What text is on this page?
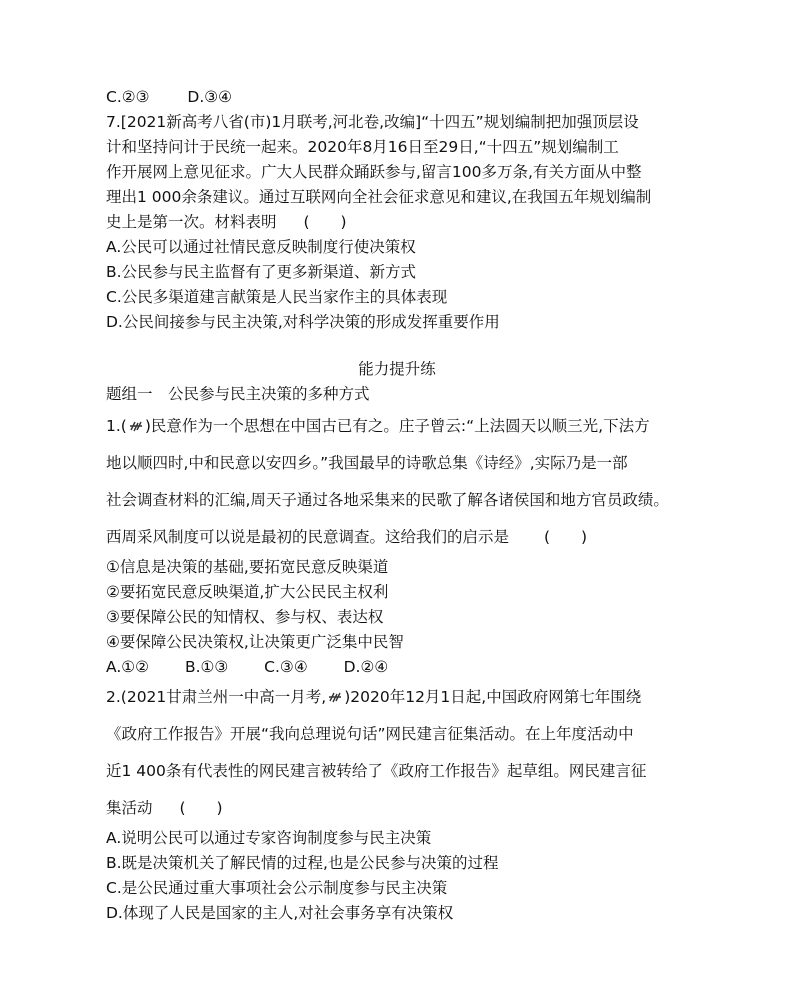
C.②③ D.③④
7.[2021新高考八省(市)1月联考,河北卷,改编]“十四五”规划编制把加强顶层设
计和坚持问计于民统一起来。2020年8月16日至29日,“十四五”规划编制工
作开展网上意见征求。广大人民群众踊跃参与,留言100多万条,有关方面从中整
理出1 000余条建议。通过互联网向全社会征求意见和建议,在我国五年规划编制
史上是第一次。材料表明 (　　)
A.公民可以通过社情民意反映制度行使决策权
B.公民参与民主监督有了更多新渠道、新方式
C.公民多渠道建言献策是人民当家作主的具体表现
D.公民间接参与民主决策,对科学决策的形成发挥重要作用
能力提升练
题组一　公民参与民主决策的多种方式
1.( )民意作为一个思想在中国古已有之。庄子曾云:“上法圆天以顺三光,下法方
地以顺四时,中和民意以安四乡。”我国最早的诗歌总集《诗经》,实际乃是一部
社会调查材料的汇编,周天子通过各地采集来的民歌了解各诸侯国和地方官员政绩。
西周采风制度可以说是最初的民意调查。这给我们的启示是 (　　)
①信息是决策的基础,要拓宽民意反映渠道
②要拓宽民意反映渠道,扩大公民民主权利
③要保障公民的知情权、参与权、表达权
④要保障公民决策权,让决策更广泛集中民智
A.①② B.①③ C.③④ D.②④
2.(2021甘肃兰州一中高一月考, )2020年12月1日起,中国政府网第七年围绕
《政府工作报告》开展“我向总理说句话”网民建言征集活动。在上年度活动中
近1 400条有代表性的网民建言被转给了《政府工作报告》起草组。网民建言征
集活动 (　　)
A.说明公民可以通过专家咨询制度参与民主决策
B.既是决策机关了解民情的过程,也是公民参与决策的过程
C.是公民通过重大事项社会公示制度参与民主决策
D.体现了人民是国家的主人,对社会事务享有决策权
